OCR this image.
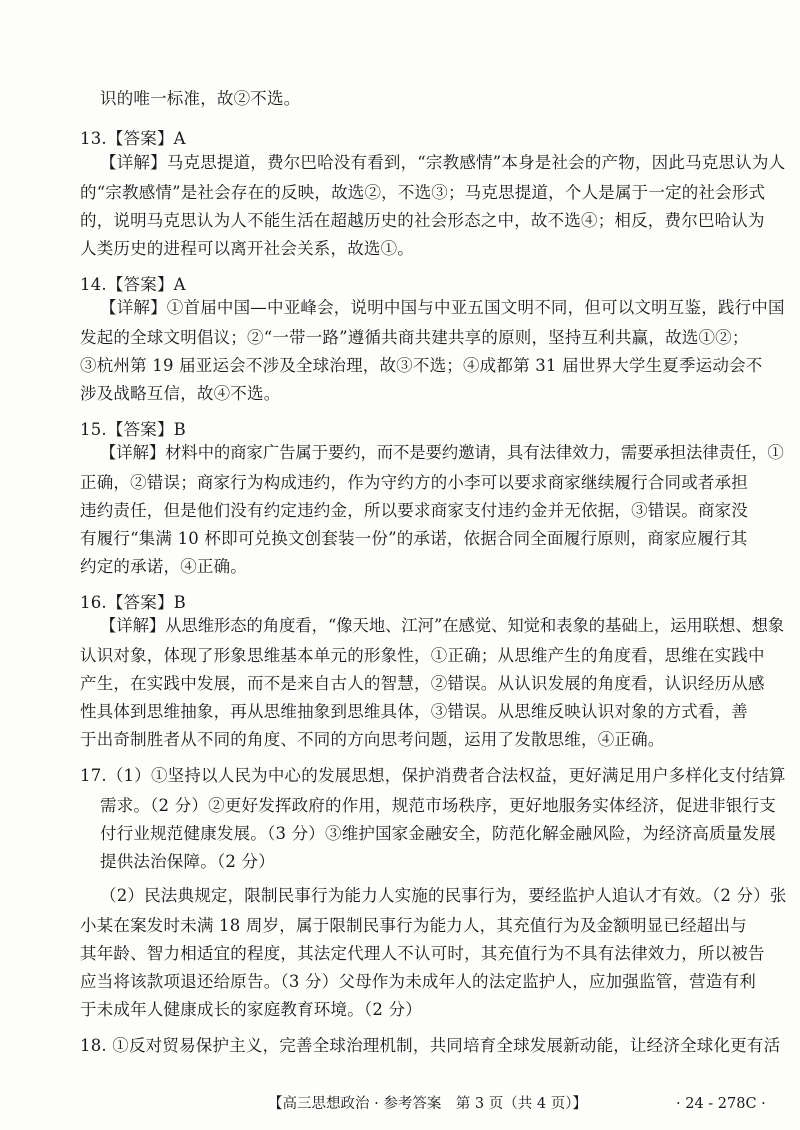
识的唯一标准，故②不选。
13.【答案】A
【详解】马克思提道，费尔巴哈没有看到，“宗教感情”本身是社会的产物，因此马克思认为人
的“宗教感情”是社会存在的反映，故选②，不选③；马克思提道，个人是属于一定的社会形式
的，说明马克思认为人不能生活在超越历史的社会形态之中，故不选④；相反，费尔巴哈认为
人类历史的进程可以离开社会关系，故选①。
14.【答案】A
【详解】①首届中国—中亚峰会，说明中国与中亚五国文明不同，但可以文明互鉴，践行中国
发起的全球文明倡议；②“一带一路”遵循共商共建共享的原则，坚持互利共赢，故选①②；
③杭州第 19 届亚运会不涉及全球治理，故③不选；④成都第 31 届世界大学生夏季运动会不
涉及战略互信，故④不选。
15.【答案】B
【详解】材料中的商家广告属于要约，而不是要约邀请，具有法律效力，需要承担法律责任，①
正确，②错误；商家行为构成违约，作为守约方的小李可以要求商家继续履行合同或者承担
违约责任，但是他们没有约定违约金，所以要求商家支付违约金并无依据，③错误。商家没
有履行“集满 10 杯即可兑换文创套装一份”的承诺，依据合同全面履行原则，商家应履行其
约定的承诺，④正确。
16.【答案】B
【详解】从思维形态的角度看，“像天地、江河”在感觉、知觉和表象的基础上，运用联想、想象
认识对象，体现了形象思维基本单元的形象性，①正确；从思维产生的角度看，思维在实践中
产生，在实践中发展，而不是来自古人的智慧，②错误。从认识发展的角度看，认识经历从感
性具体到思维抽象，再从思维抽象到思维具体，③错误。从思维反映认识对象的方式看，善
于出奇制胜者从不同的角度、不同的方向思考问题，运用了发散思维，④正确。
17.（1）①坚持以人民为中心的发展思想，保护消费者合法权益，更好满足用户多样化支付结算
需求。（2 分）②更好发挥政府的作用，规范市场秩序，更好地服务实体经济，促进非银行支
付行业规范健康发展。（3 分）③维护国家金融安全，防范化解金融风险，为经济高质量发展
提供法治保障。（2 分）
（2）民法典规定，限制民事行为能力人实施的民事行为，要经监护人追认才有效。（2 分）张
小某在案发时未满 18 周岁，属于限制民事行为能力人，其充值行为及金额明显已经超出与
其年龄、智力相适宜的程度，其法定代理人不认可时，其充值行为不具有法律效力，所以被告
应当将该款项退还给原告。（3 分）父母作为未成年人的法定监护人，应加强监管，营造有利
于未成年人健康成长的家庭教育环境。（2 分）
18. ①反对贸易保护主义，完善全球治理机制，共同培育全球发展新动能，让经济全球化更有活
【高三思想政治 · 参考答案　第 3 页（共 4 页）】	· 24 - 278C ·
